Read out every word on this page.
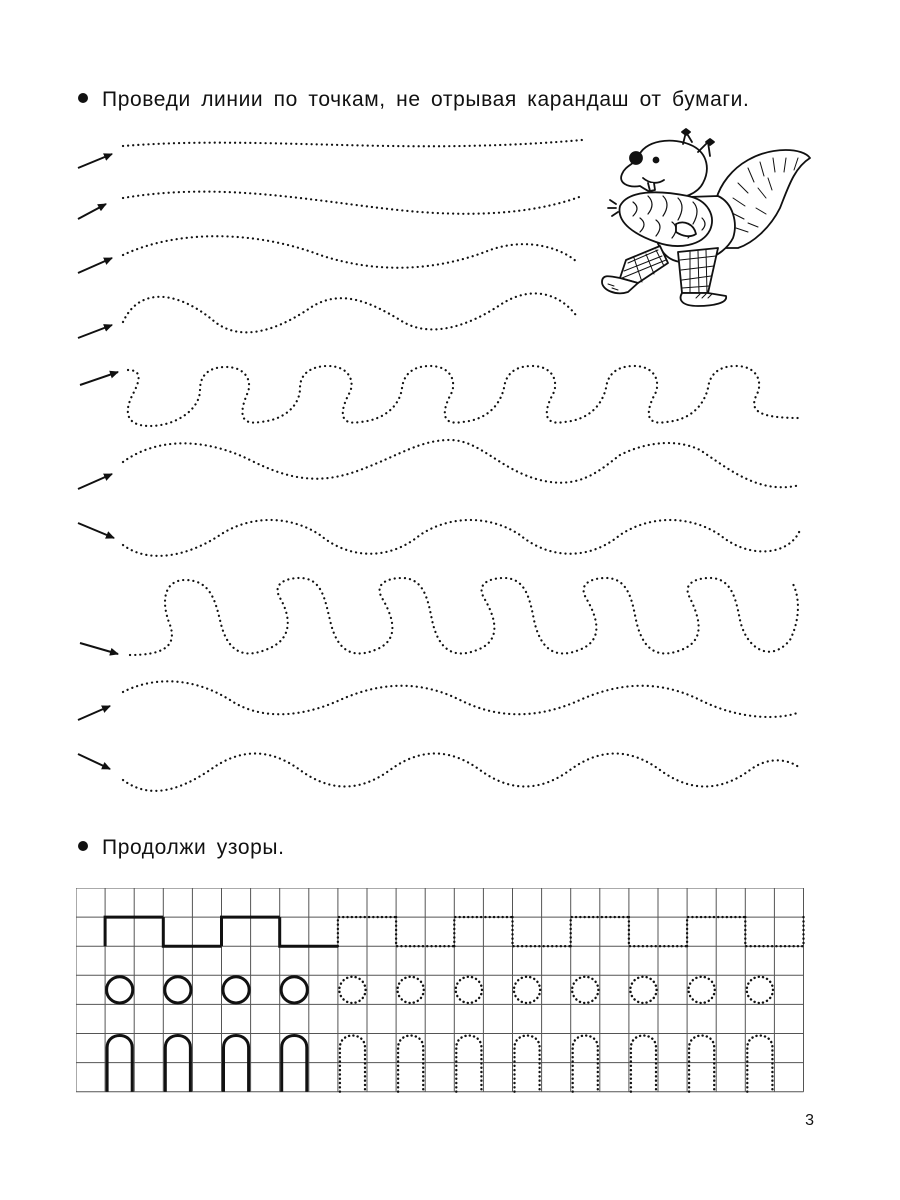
Проведи линии по точкам, не отрывая карандаш от бумаги.
Продолжи узоры.
3
